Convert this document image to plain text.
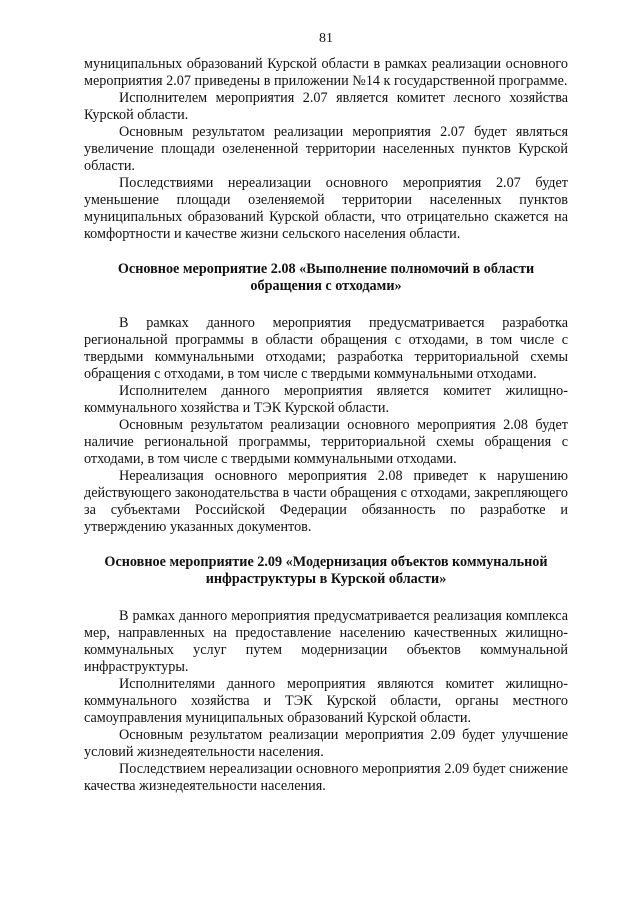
81

муниципальных образований Курской области в рамках реализации основного мероприятия 2.07 приведены в приложении №14 к государственной программе.

Исполнителем мероприятия 2.07 является комитет лесного хозяйства Курской области.

Основным результатом реализации мероприятия 2.07 будет являться увеличение площади озелененной территории населенных пунктов Курской области.

Последствиями нереализации основного мероприятия 2.07 будет уменьшение площади озеленяемой территории населенных пунктов муниципальных образований Курской области, что отрицательно скажется на комфортности и качестве жизни сельского населения области.

Основное мероприятие 2.08 «Выполнение полномочий в области обращения с отходами»

В рамках данного мероприятия предусматривается разработка региональной программы в области обращения с отходами, в том числе с твердыми коммунальными отходами; разработка территориальной схемы обращения с отходами, в том числе с твердыми коммунальными отходами.

Исполнителем данного мероприятия является комитет жилищно-коммунального хозяйства и ТЭК Курской области.

Основным результатом реализации основного мероприятия 2.08 будет наличие региональной программы, территориальной схемы обращения с отходами, в том числе с твердыми коммунальными отходами.

Нереализация основного мероприятия 2.08 приведет к нарушению действующего законодательства в части обращения с отходами, закрепляющего за субъектами Российской Федерации обязанность по разработке и утверждению указанных документов.

Основное мероприятие 2.09 «Модернизация объектов коммунальной инфраструктуры в Курской области»

В рамках данного мероприятия предусматривается реализация комплекса мер, направленных на предоставление населению качественных жилищно-коммунальных услуг путем модернизации объектов коммунальной инфраструктуры.

Исполнителями данного мероприятия являются комитет жилищно-коммунального хозяйства и ТЭК Курской области, органы местного самоуправления муниципальных образований Курской области.

Основным результатом реализации мероприятия 2.09 будет улучшение условий жизнедеятельности населения.

Последствием нереализации основного мероприятия 2.09 будет снижение качества жизнедеятельности населения.
